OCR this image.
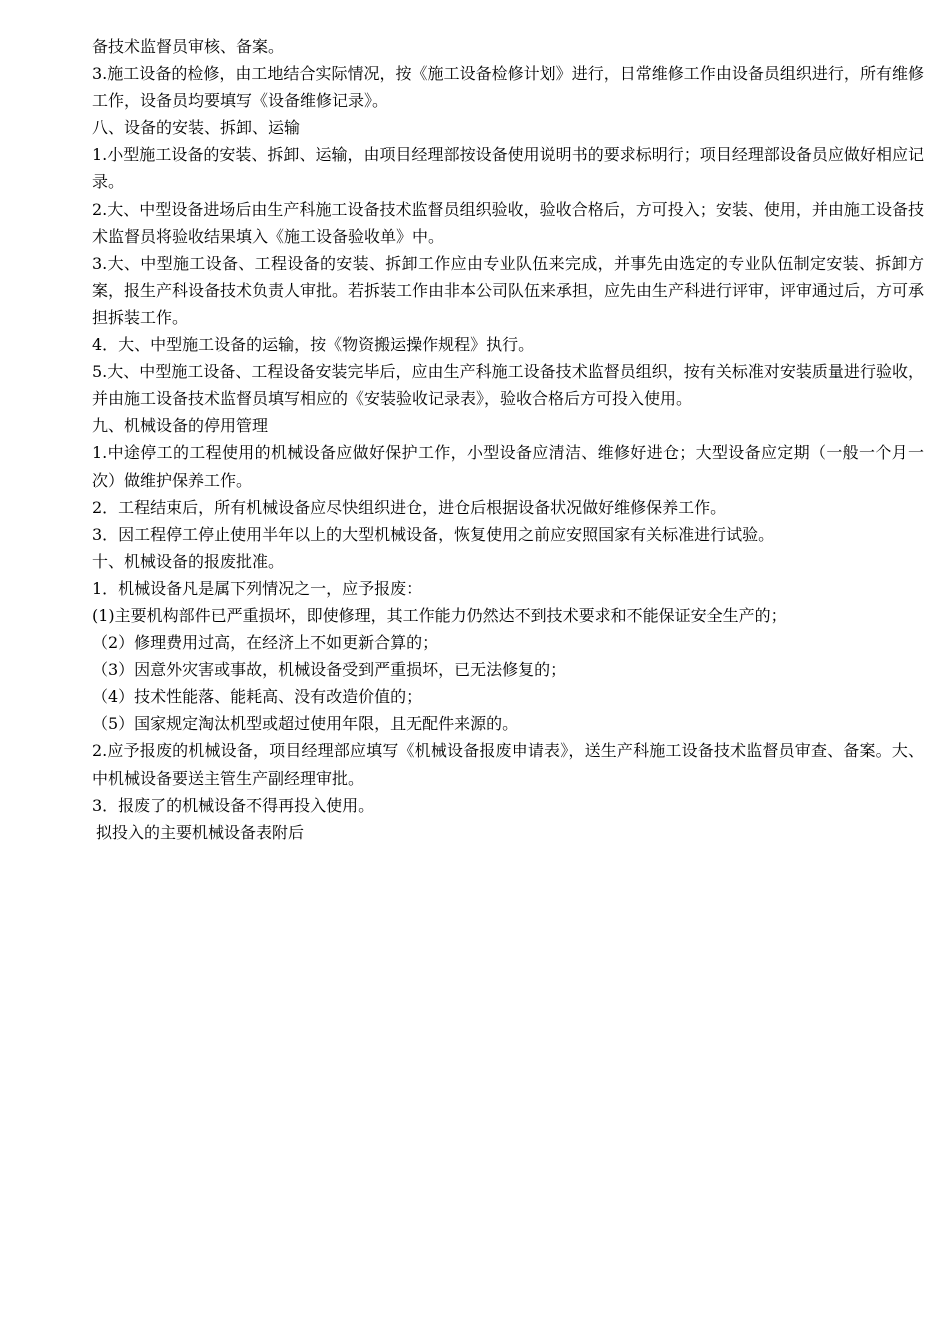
备技术监督员审核、备案。

3.施工设备的检修，由工地结合实际情况，按《施工设备检修计划》进行，日常维修工作由设备员组织进行，所有维修工作，设备员均要填写《设备维修记录》。

八、设备的安装、拆卸、运输

1.小型施工设备的安装、拆卸、运输，由项目经理部按设备使用说明书的要求标明行；项目经理部设备员应做好相应记录。

2.大、中型设备进场后由生产科施工设备技术监督员组织验收，验收合格后，方可投入；安装、使用，并由施工设备技术监督员将验收结果填入《施工设备验收单》中。

3.大、中型施工设备、工程设备的安装、拆卸工作应由专业队伍来完成，并事先由选定的专业队伍制定安装、拆卸方案，报生产科设备技术负责人审批。若拆装工作由非本公司队伍来承担，应先由生产科进行评审，评审通过后，方可承担拆装工作。

4．大、中型施工设备的运输，按《物资搬运操作规程》执行。

5.大、中型施工设备、工程设备安装完毕后，应由生产科施工设备技术监督员组织，按有关标准对安装质量进行验收，并由施工设备技术监督员填写相应的《安装验收记录表》，验收合格后方可投入使用。

九、机械设备的停用管理

1.中途停工的工程使用的机械设备应做好保护工作，小型设备应清洁、维修好进仓；大型设备应定期（一般一个月一次）做维护保养工作。

2．工程结束后，所有机械设备应尽快组织进仓，进仓后根据设备状况做好维修保养工作。

3．因工程停工停止使用半年以上的大型机械设备，恢复使用之前应安照国家有关标准进行试验。

十、机械设备的报废批准。

1．机械设备凡是属下列情况之一，应予报废：

(1)主要机构部件已严重损坏，即使修理，其工作能力仍然达不到技术要求和不能保证安全生产的；

（2）修理费用过高，在经济上不如更新合算的；

（3）因意外灾害或事故，机械设备受到严重损坏，已无法修复的；

（4）技术性能落、能耗高、没有改造价值的；

（5）国家规定淘汰机型或超过使用年限，且无配件来源的。

2.应予报废的机械设备，项目经理部应填写《机械设备报废申请表》，送生产科施工设备技术监督员审查、备案。大、中机械设备要送主管生产副经理审批。

3．报废了的机械设备不得再投入使用。

拟投入的主要机械设备表附后
